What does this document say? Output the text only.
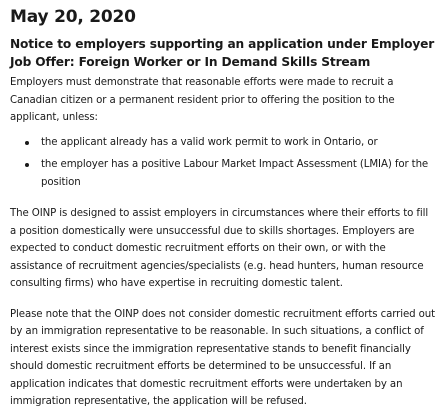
May 20, 2020
Notice to employers supporting an application under Employer Job Offer: Foreign Worker or In Demand Skills Stream

Employers must demonstrate that reasonable efforts were made to recruit a Canadian citizen or a permanent resident prior to offering the position to the applicant, unless:

the applicant already has a valid work permit to work in Ontario, or
the employer has a positive Labour Market Impact Assessment (LMIA) for the position

The OINP is designed to assist employers in circumstances where their efforts to fill a position domestically were unsuccessful due to skills shortages. Employers are expected to conduct domestic recruitment efforts on their own, or with the assistance of recruitment agencies/specialists (e.g. head hunters, human resource consulting firms) who have expertise in recruiting domestic talent.

Please note that the OINP does not consider domestic recruitment efforts carried out by an immigration representative to be reasonable. In such situations, a conflict of interest exists since the immigration representative stands to benefit financially should domestic recruitment efforts be determined to be unsuccessful. If an application indicates that domestic recruitment efforts were undertaken by an immigration representative, the application will be refused.
